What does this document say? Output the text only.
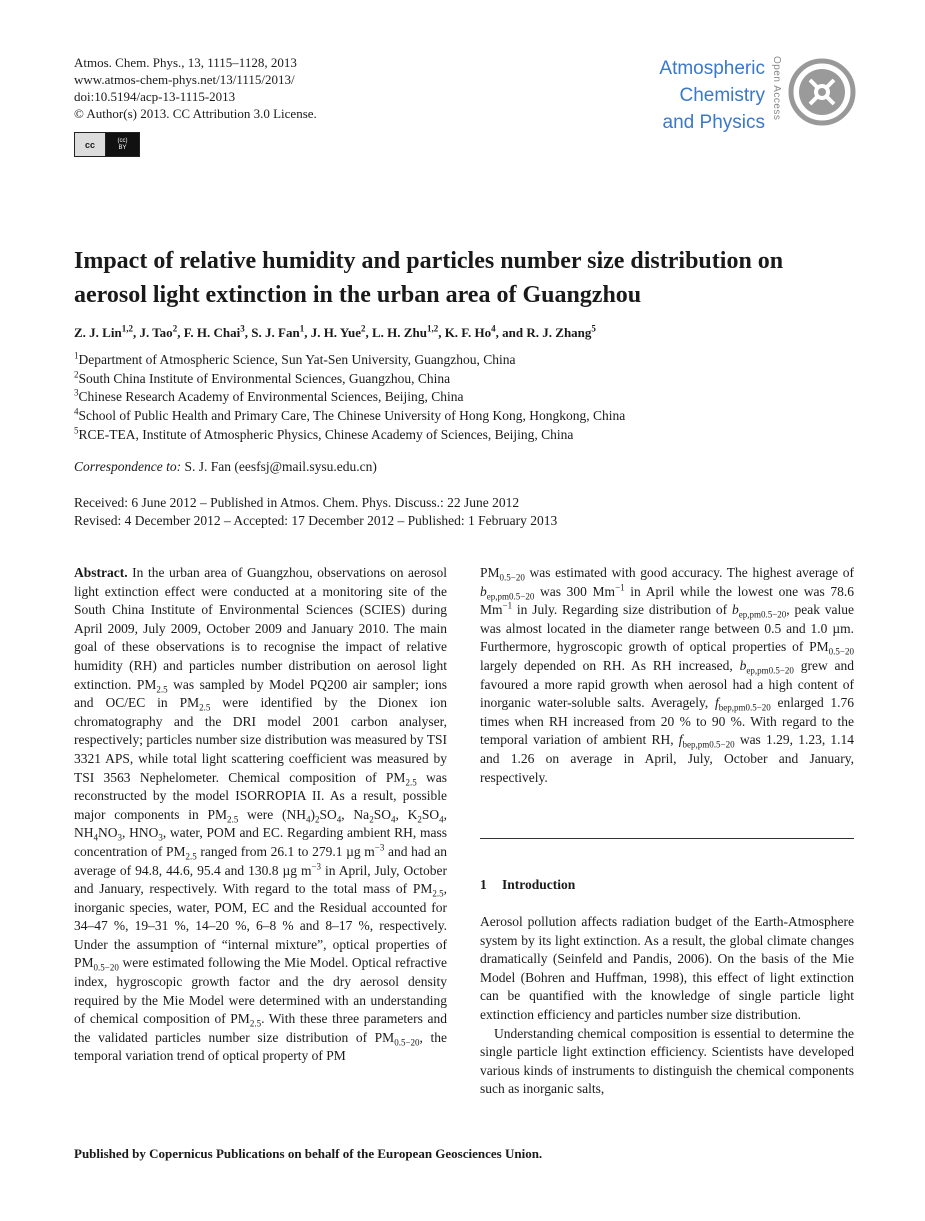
Atmos. Chem. Phys., 13, 1115–1128, 2013
www.atmos-chem-phys.net/13/1115/2013/
doi:10.5194/acp-13-1115-2013
© Author(s) 2013. CC Attribution 3.0 License.
cc	(cc)
BY
Atmospheric
Chemistry
and Physics
Open Access
Impact of relative humidity and particles number size distribution on aerosol light extinction in the urban area of Guangzhou
Z. J. Lin$^{1,2}$, J. Tao$^2$, F. H. Chai$^3$, S. J. Fan$^1$, J. H. Yue$^2$, L. H. Zhu$^{1,2}$, K. F. Ho$^4$, and R. J. Zhang$^5$
$^1$Department of Atmospheric Science, Sun Yat-Sen University, Guangzhou, China
$^2$South China Institute of Environmental Sciences, Guangzhou, China
$^3$Chinese Research Academy of Environmental Sciences, Beijing, China
$^4$School of Public Health and Primary Care, The Chinese University of Hong Kong, Hongkong, China
$^5$RCE-TEA, Institute of Atmospheric Physics, Chinese Academy of Sciences, Beijing, China
Correspondence to: S. J. Fan (eesfsj@mail.sysu.edu.cn)
Received: 6 June 2012 – Published in Atmos. Chem. Phys. Discuss.: 22 June 2012
Revised: 4 December 2012 – Accepted: 17 December 2012 – Published: 1 February 2013
Abstract. In the urban area of Guangzhou, observations on aerosol light extinction effect were conducted at a monitoring site of the South China Institute of Environmental Sciences (SCIES) during April 2009, July 2009, October 2009 and January 2010. The main goal of these observations is to recognise the impact of relative humidity (RH) and particles number distribution on aerosol light extinction. $PM_{2.5}$ was sampled by Model PQ200 air sampler; ions and OC/EC in $PM_{2.5}$ were identified by the Dionex ion chromatography and the DRI model 2001 carbon analyser, respectively; particles number size distribution was measured by TSI 3321 APS, while total light scattering coefficient was measured by TSI 3563 Nephelometer. Chemical composition of $PM_{2.5}$ was reconstructed by the model ISORROPIA II. As a result, possible major components in $PM_{2.5}$ were $(NH_4)_2SO_4$, $Na_2SO_4$, $K_2SO_4$, $NH_4NO_3$, $HNO_3$, water, POM and EC. Regarding ambient RH, mass concentration of $PM_{2.5}$ ranged from 26.1 to 279.1 µg $m^{-3}$ and had an average of 94.8, 44.6, 95.4 and 130.8 µg $m^{-3}$ in April, July, October and January, respectively. With regard to the total mass of $PM_{2.5}$, inorganic species, water, POM, EC and the Residual accounted for 34–47 %, 19–31 %, 14–20 %, 6–8 % and 8–17 %, respectively. Under the assumption of “internal mixture”, optical properties of $PM_{0.5-20}$ were estimated following the Mie Model. Optical refractive index, hygroscopic growth factor and the dry aerosol density required by the Mie Model were determined with an understanding of chemical composition of $PM_{2.5}$. With these three parameters and the validated particles number size distribution of $PM_{0.5-20}$, the temporal variation trend of optical property of PM
$PM_{0.5-20}$ was estimated with good accuracy. The highest average of $b_{ep,pm0.5-20}$ was 300 $Mm^{-1}$ in April while the lowest one was 78.6 $Mm^{-1}$ in July. Regarding size distribution of $b_{ep,pm0.5-20}$, peak value was almost located in the diameter range between 0.5 and 1.0 µm. Furthermore, hygroscopic growth of optical properties of $PM_{0.5-20}$ largely depended on RH. As RH increased, $b_{ep,pm0.5-20}$ grew and favoured a more rapid growth when aerosol had a high content of inorganic water-soluble salts. Averagely, $f_{bep,pm0.5-20}$ enlarged 1.76 times when RH increased from 20 % to 90 %. With regard to the temporal variation of ambient RH, $f_{bep,pm0.5-20}$ was 1.29, 1.23, 1.14 and 1.26 on average in April, July, October and January, respectively.
1 Introduction

Aerosol pollution affects radiation budget of the Earth-Atmosphere system by its light extinction. As a result, the global climate changes dramatically (Seinfeld and Pandis, 2006). On the basis of the Mie Model (Bohren and Huffman, 1998), this effect of light extinction can be quantified with the knowledge of single particle light extinction efficiency and particles number size distribution.

Understanding chemical composition is essential to determine the single particle light extinction efficiency. Scientists have developed various kinds of instruments to distinguish the chemical components such as inorganic salts,

Published by Copernicus Publications on behalf of the European Geosciences Union.
